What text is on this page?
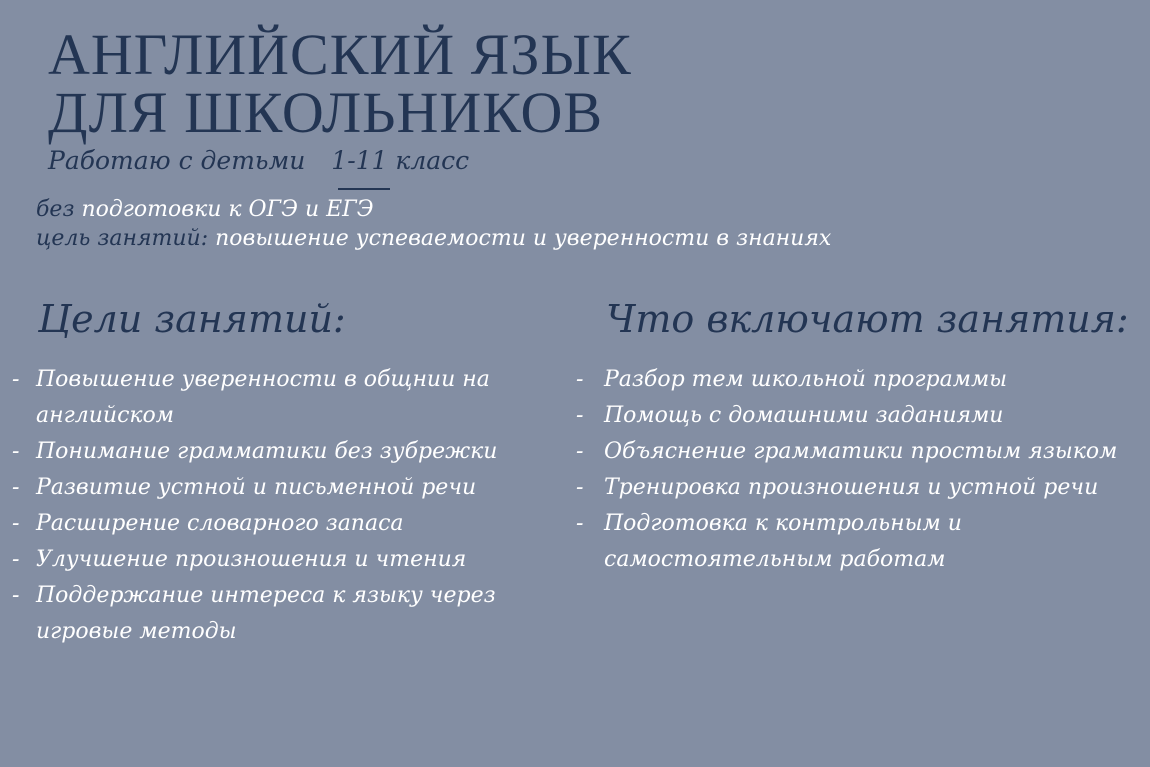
АНГЛИЙСКИЙ ЯЗЫК
ДЛЯ ШКОЛЬНИКОВ
Работаю с детьми 1-11 класс
без подготовки к ОГЭ и ЕГЭ
цель занятий: повышение успеваемости и уверенности в знаниях
Цели занятий:	Что включают занятия:
- Повышение уверенности в общнии на английском
- Понимание грамматики без зубрежки
- Развитие устной и письменной речи
- Расширение словарного запаса
- Улучшение произношения и чтения
- Поддержание интереса к языку через игровые методы
- Разбор тем школьной программы
- Помощь с домашними заданиями
- Объяснение грамматики простым языком
- Тренировка произношения и устной речи
- Подготовка к контрольным и самостоятельным работам
